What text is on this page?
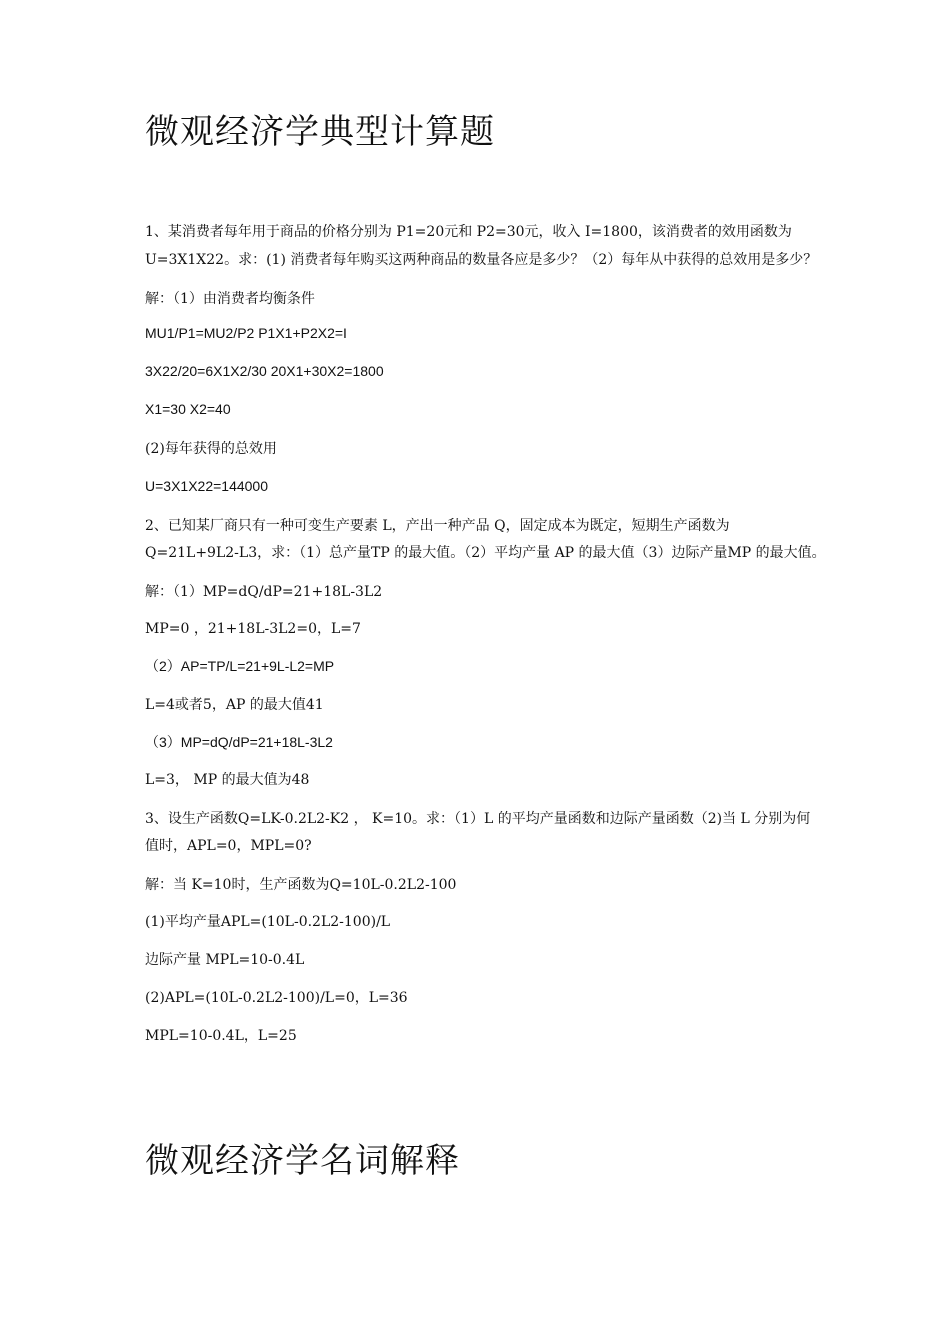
微观经济学典型计算题
1、某消费者每年用于商品的价格分别为 P1=20元和 P2=30元，收入 I=1800，该消费者的效用函数为
U=3X1X22。求：(1) 消费者每年购买这两种商品的数量各应是多少？（2）每年从中获得的总效用是多少？
解：（1）由消费者均衡条件
MU1/P1=MU2/P2 P1X1+P2X2=I
3X22/20=6X1X2/30 20X1+30X2=1800
X1=30 X2=40
(2)每年获得的总效用
U=3X1X22=144000
2、已知某厂商只有一种可变生产要素 L，产出一种产品 Q，固定成本为既定，短期生产函数为
Q=21L+9L2-L3，求：（1）总产量TP 的最大值。（2）平均产量 AP 的最大值（3）边际产量MP 的最大值。
解：（1）MP=dQ/dP=21+18L-3L2
MP=0 ，21+18L-3L2=0，L=7
（2）AP=TP/L=21+9L-L2=MP
L=4或者5，AP 的最大值41
（3）MP=dQ/dP=21+18L-3L2
L=3， MP 的最大值为48
3、设生产函数Q=LK-0.2L2-K2 ， K=10。求：（1）L 的平均产量函数和边际产量函数（2)当 L 分别为何
值时，APL=0，MPL=0?
解：当 K=10时，生产函数为Q=10L-0.2L2-100
(1)平均产量APL=(10L-0.2L2-100)/L
边际产量 MPL=10-0.4L
(2)APL=(10L-0.2L2-100)/L=0，L=36
MPL=10-0.4L，L=25
微观经济学名词解释
